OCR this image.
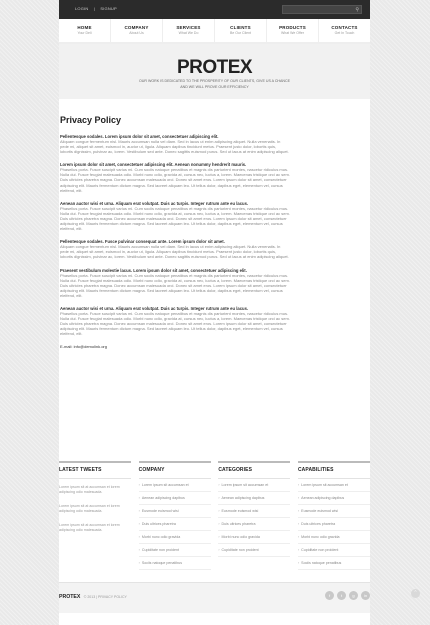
LOGIN | SIGNUP	⚲
HOME
Your Deli
COMPANY
About Us
SERVICES
What We Do
CLIENTS
Be Our Client
PRODUCTS
What We Offer
CONTACTS
Get In Touch
PROTEX
OUR WORK IS DEDICATED TO THE PROSPERITY OF OUR CLIENTS, GIVE US A CHANCE
AND WE WILL PROVE OUR EFFICIENCY
Privacy Policy
Pellentesque sodales. Lorem ipsum dolor sit amet, consectetuer adipiscing elit.
Aliquam congue fermentum nisl. Mauris accumsan nulla vel diam. Sed in lacus ut enim adipiscing aliquet. Nulla venenatis. In pede mi, aliquet sit amet, euismod in, auctor ut, ligula. Aliquam dapibus tincidunt metus. Praesent justo dolor, lobortis quis, lobortis dignissim, pulvinar ac, lorem. Vestibulum sed ante. Donec sagittis euismod purus. Sed ut lacus at enim adipiscing aliquet.
Lorem ipsum dolor sit amet, consectetuer adipiscing elit. Aenean nonummy hendrerit mauris.
Phasellus porta. Fusce suscipit varius mi. Cum sociis natoque penatibus et magnis dis parturient montes, nascetur ridiculus mus. Nulla dui. Fusce feugiat malesuada odio. Morbi nunc odio, gravida at, cursus nec, luctus a, lorem. Maecenas tristique orci ac sem. Duis ultricies pharetra magna. Donec accumsan malesuada orci. Donec sit amet eros. Lorem ipsum dolor sit amet, consectetuer adipiscing elit. Mauris fermentum dictum magna. Sed laoreet aliquam leo. Ut tellus dolor, dapibus eget, elementum vel, cursus eleifend, elit.
Aenean auctor wisi et urna. Aliquam erat volutpat. Duis ac turpis. Integer rutrum ante eu lacus.
Phasellus porta. Fusce suscipit varius mi. Cum sociis natoque penatibus et magnis dis parturient montes, nascetur ridiculus mus. Nulla dui. Fusce feugiat malesuada odio. Morbi nunc odio, gravida at, cursus nec, luctus a, lorem. Maecenas tristique orci ac sem. Duis ultricies pharetra magna. Donec accumsan malesuada orci. Donec sit amet eros. Lorem ipsum dolor sit amet, consectetuer adipiscing elit. Mauris fermentum dictum magna. Sed laoreet aliquam leo. Ut tellus dolor, dapibus eget, elementum vel, cursus eleifend, elit.
Pellentesque sodales. Fusce pulvinar consequat ante. Lorem ipsum dolor sit amet.
Aliquam congue fermentum nisl. Mauris accumsan nulla vel diam. Sed in lacus ut enim adipiscing aliquet. Nulla venenatis. In pede mi, aliquet sit amet, euismod in, auctor ut, ligula. Aliquam dapibus tincidunt metus. Praesent justo dolor, lobortis quis, lobortis dignissim, pulvinar ac, lorem. Vestibulum sed ante. Donec sagittis euismod purus. Sed ut lacus at enim adipiscing aliquet.
Praesent vestibulum molestie lacus. Lorem ipsum dolor sit amet, consectetuer adipiscing elit.
Phasellus porta. Fusce suscipit varius mi. Cum sociis natoque penatibus et magnis dis parturient montes, nascetur ridiculus mus. Nulla dui. Fusce feugiat malesuada odio. Morbi nunc odio, gravida at, cursus nec, luctus a, lorem. Maecenas tristique orci ac sem. Duis ultricies pharetra magna. Donec accumsan malesuada orci. Donec sit amet eros. Lorem ipsum dolor sit amet, consectetuer adipiscing elit. Mauris fermentum dictum magna. Sed laoreet aliquam leo. Ut tellus dolor, dapibus eget, elementum vel, cursus eleifend, elit.
Aenean auctor wisi et urna. Aliquam erat volutpat. Duis ac turpis. Integer rutrum ante eu lacus.
Phasellus porta. Fusce suscipit varius mi. Cum sociis natoque penatibus et magnis dis parturient montes, nascetur ridiculus mus. Nulla dui. Fusce feugiat malesuada odio. Morbi nunc odio, gravida at, cursus nec, luctus a, lorem. Maecenas tristique orci ac sem. Duis ultricies pharetra magna. Donec accumsan malesuada orci. Donec sit amet eros. Lorem ipsum dolor sit amet, consectetuer adipiscing elit. Mauris fermentum dictum magna. Sed laoreet aliquam leo. Ut tellus dolor, dapibus eget, elementum vel, cursus eleifend, elit.
E-mail: info@demolink.org
LATEST TWEETS
Lorem ipsum sit at accumsan et lorem adipiscing odio malesuada.
Lorem ipsum sit at accumsan et lorem adipiscing odio malesuada.
Lorem ipsum sit at accumsan et lorem adipiscing odio malesuada.
COMPANY
› Lorem ipsum sit accumsan et
› Aenean adipiscing dapibus
› Eusmode euismod wisi
› Duis ultrices pharetra
› Morbi nunc odio gravida
› Cupiditate non proident
› Sociis natoque penatibus
CATEGORIES
› Lorem ipsum sit accumsan et
› Aenean adipiscing dapibus
› Eusmode euismod wisi
› Duis ultrices pharetra
› Morbi nunc odio gravida
› Cupiditate non proident
CAPABILITIES
› Lorem ipsum sit accumsan et
› Aenean adipiscing dapibus
› Eusmode euismod wisi
› Duis ultrices pharetra
› Morbi nunc odio gravida
› Cupiditate non proident
› Sociis natoque penatibus
PROTEX © 2013 | PRIVACY POLICY	f	t	g	in	⌃
